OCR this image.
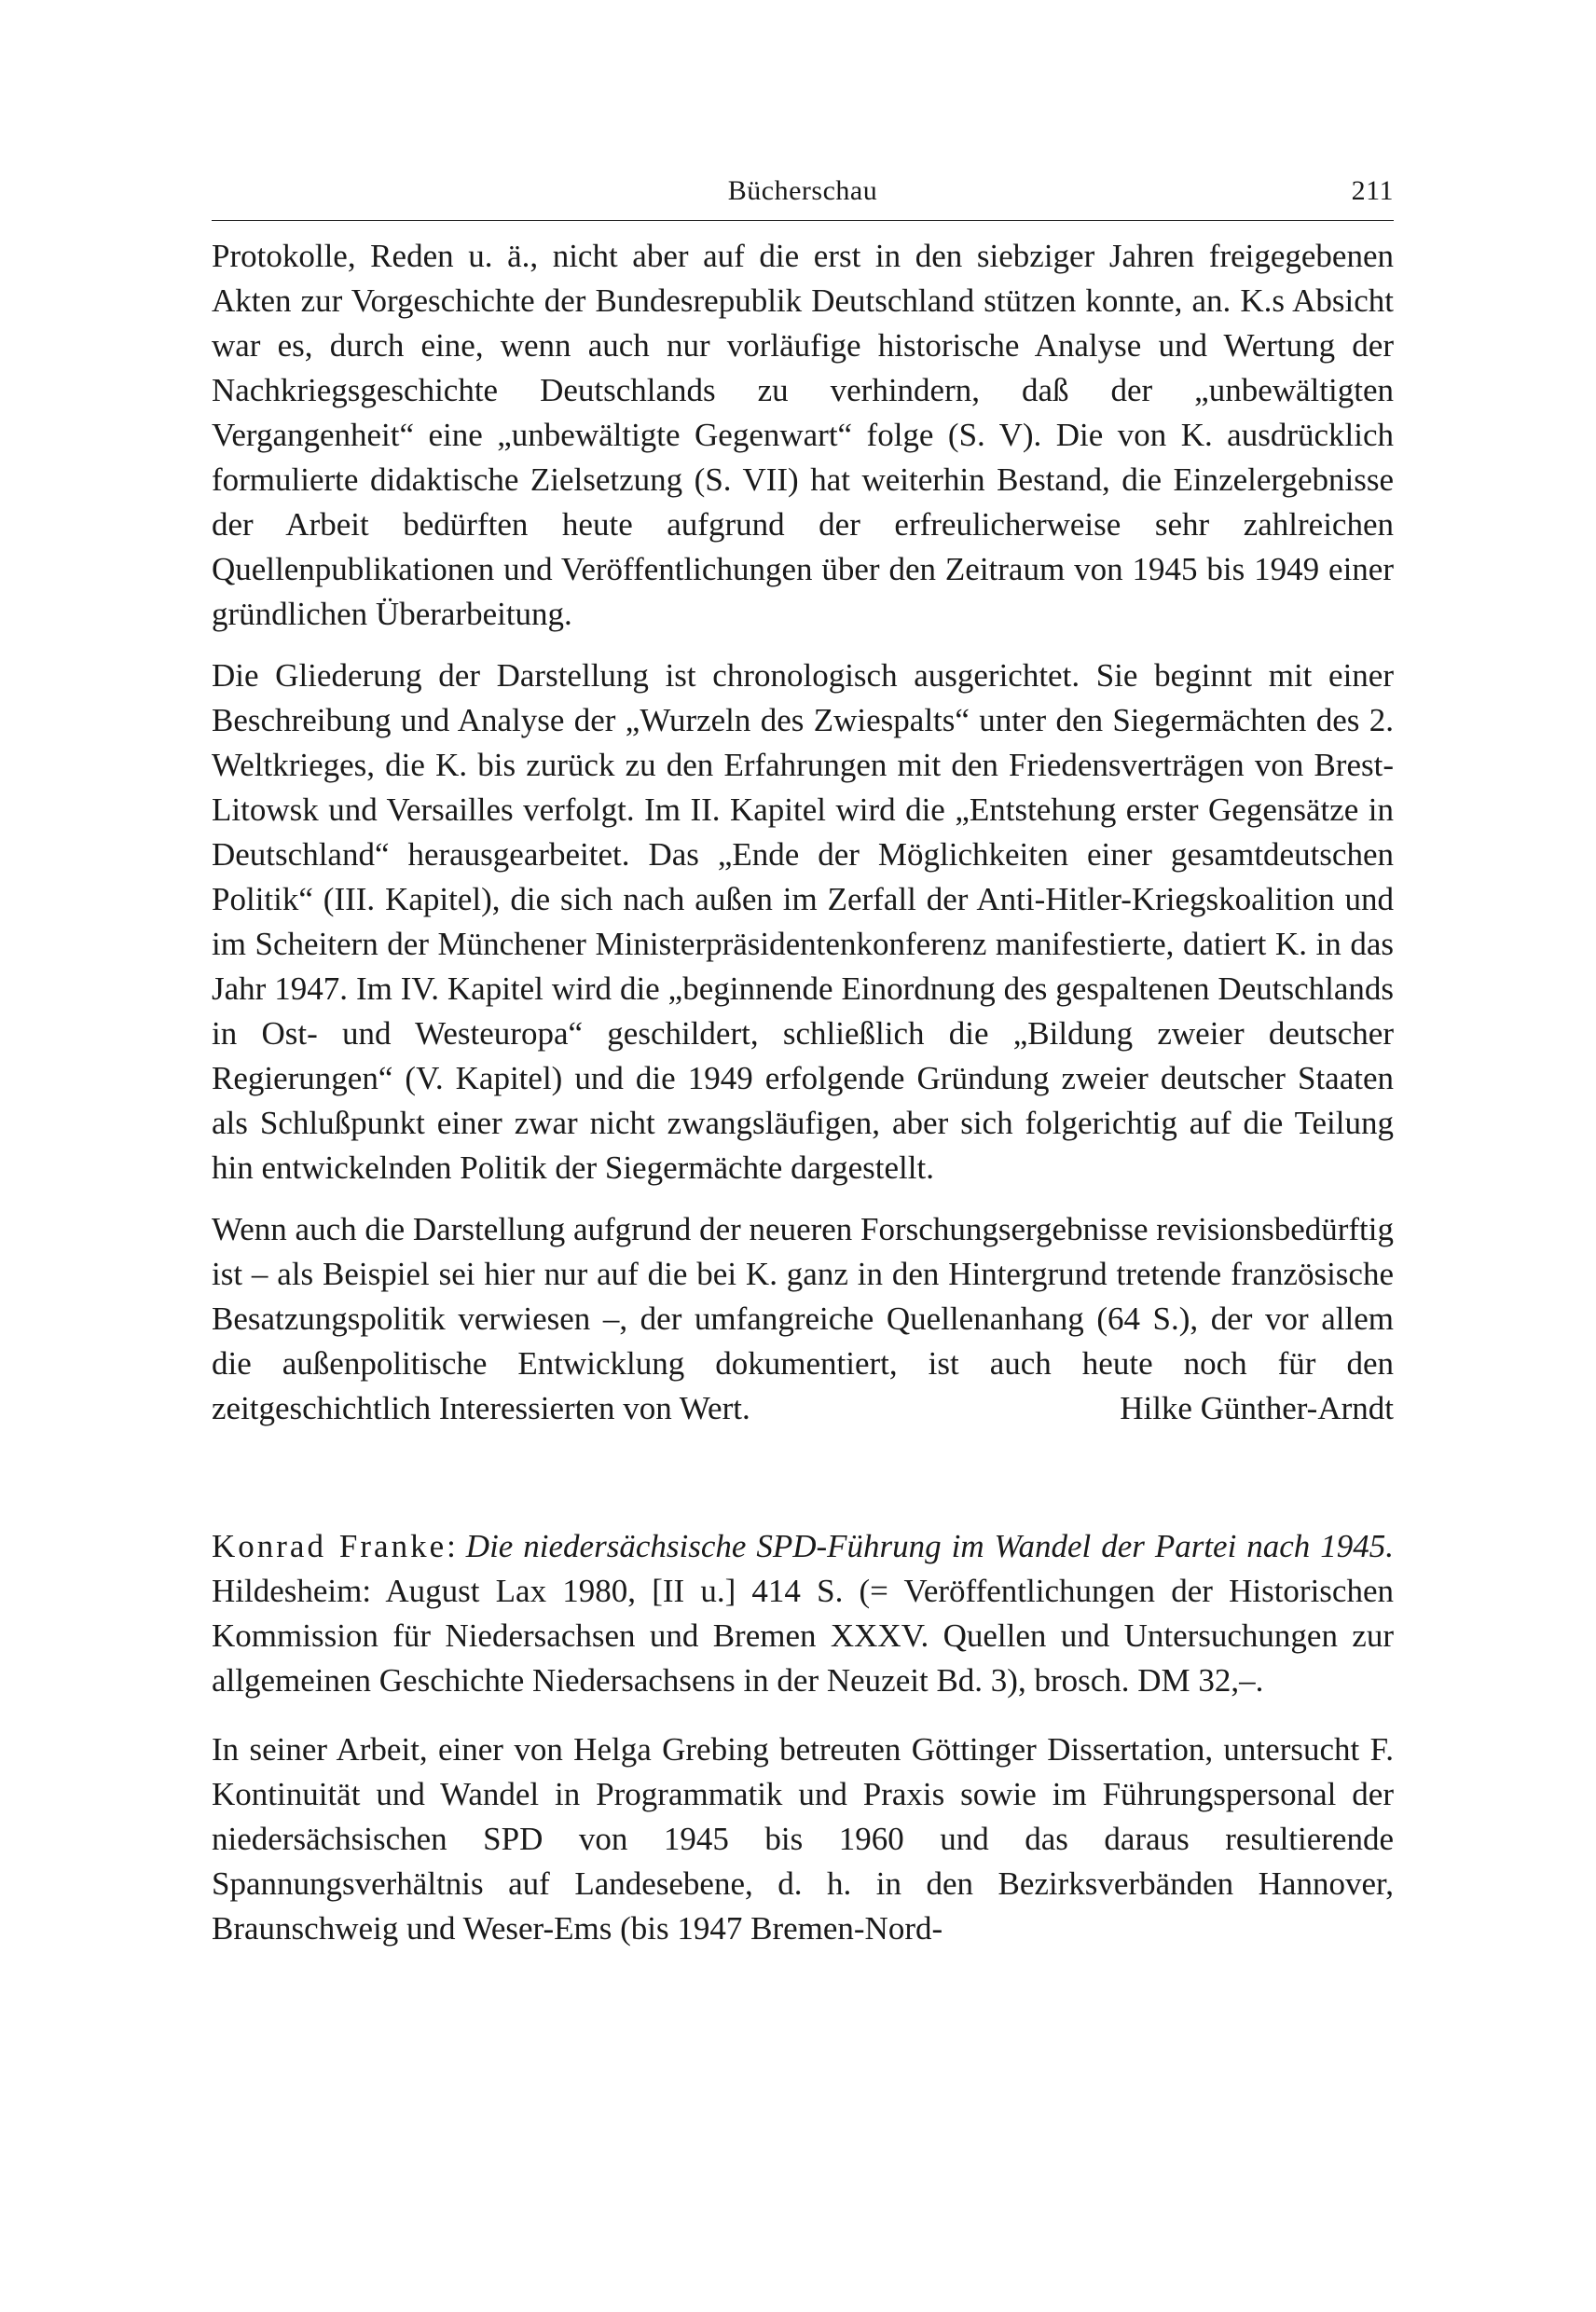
Bücherschau	211

Protokolle, Reden u. ä., nicht aber auf die erst in den siebziger Jahren freigegebenen Akten zur Vorgeschichte der Bundesrepublik Deutschland stützen konnte, an. K.s Absicht war es, durch eine, wenn auch nur vorläufige historische Analyse und Wertung der Nachkriegsgeschichte Deutschlands zu verhindern, daß der „unbewältigten Vergangenheit“ eine „unbewältigte Gegenwart“ folge (S. V). Die von K. ausdrücklich formulierte didaktische Zielsetzung (S. VII) hat weiterhin Bestand, die Einzelergebnisse der Arbeit bedürften heute aufgrund der erfreulicherweise sehr zahlreichen Quellenpublikationen und Veröffentlichungen über den Zeitraum von 1945 bis 1949 einer gründlichen Überarbeitung.

Die Gliederung der Darstellung ist chronologisch ausgerichtet. Sie beginnt mit einer Beschreibung und Analyse der „Wurzeln des Zwiespalts“ unter den Siegermächten des 2. Weltkrieges, die K. bis zurück zu den Erfahrungen mit den Friedensverträgen von Brest-Litowsk und Versailles verfolgt. Im II. Kapitel wird die „Entstehung erster Gegensätze in Deutschland“ herausgearbeitet. Das „Ende der Möglichkeiten einer gesamtdeutschen Politik“ (III. Kapitel), die sich nach außen im Zerfall der Anti-Hitler-Kriegskoalition und im Scheitern der Münchener Ministerpräsidentenkonferenz manifestierte, datiert K. in das Jahr 1947. Im IV. Kapitel wird die „beginnende Einordnung des gespaltenen Deutschlands in Ost- und Westeuropa“ geschildert, schließlich die „Bildung zweier deutscher Regierungen“ (V. Kapitel) und die 1949 erfolgende Gründung zweier deutscher Staaten als Schlußpunkt einer zwar nicht zwangsläufigen, aber sich folgerichtig auf die Teilung hin entwickelnden Politik der Siegermächte dargestellt.

Wenn auch die Darstellung aufgrund der neueren Forschungsergebnisse revisionsbedürftig ist – als Beispiel sei hier nur auf die bei K. ganz in den Hintergrund tretende französische Besatzungspolitik verwiesen –, der umfangreiche Quellenanhang (64 S.), der vor allem die außenpolitische Entwicklung dokumentiert, ist auch heute noch für den zeitgeschichtlich Interessierten von Wert.	Hilke Günther-Arndt

Konrad Franke: Die niedersächsische SPD-Führung im Wandel der Partei nach 1945. Hildesheim: August Lax 1980, [II u.] 414 S. (= Veröffentlichungen der Historischen Kommission für Niedersachsen und Bremen XXXV. Quellen und Untersuchungen zur allgemeinen Geschichte Niedersachsens in der Neuzeit Bd. 3), brosch. DM 32,–.

In seiner Arbeit, einer von Helga Grebing betreuten Göttinger Dissertation, untersucht F. Kontinuität und Wandel in Programmatik und Praxis sowie im Führungspersonal der niedersächsischen SPD von 1945 bis 1960 und das daraus resultierende Spannungsverhältnis auf Landesebene, d. h. in den Bezirksverbänden Hannover, Braunschweig und Weser-Ems (bis 1947 Bremen-Nord-
